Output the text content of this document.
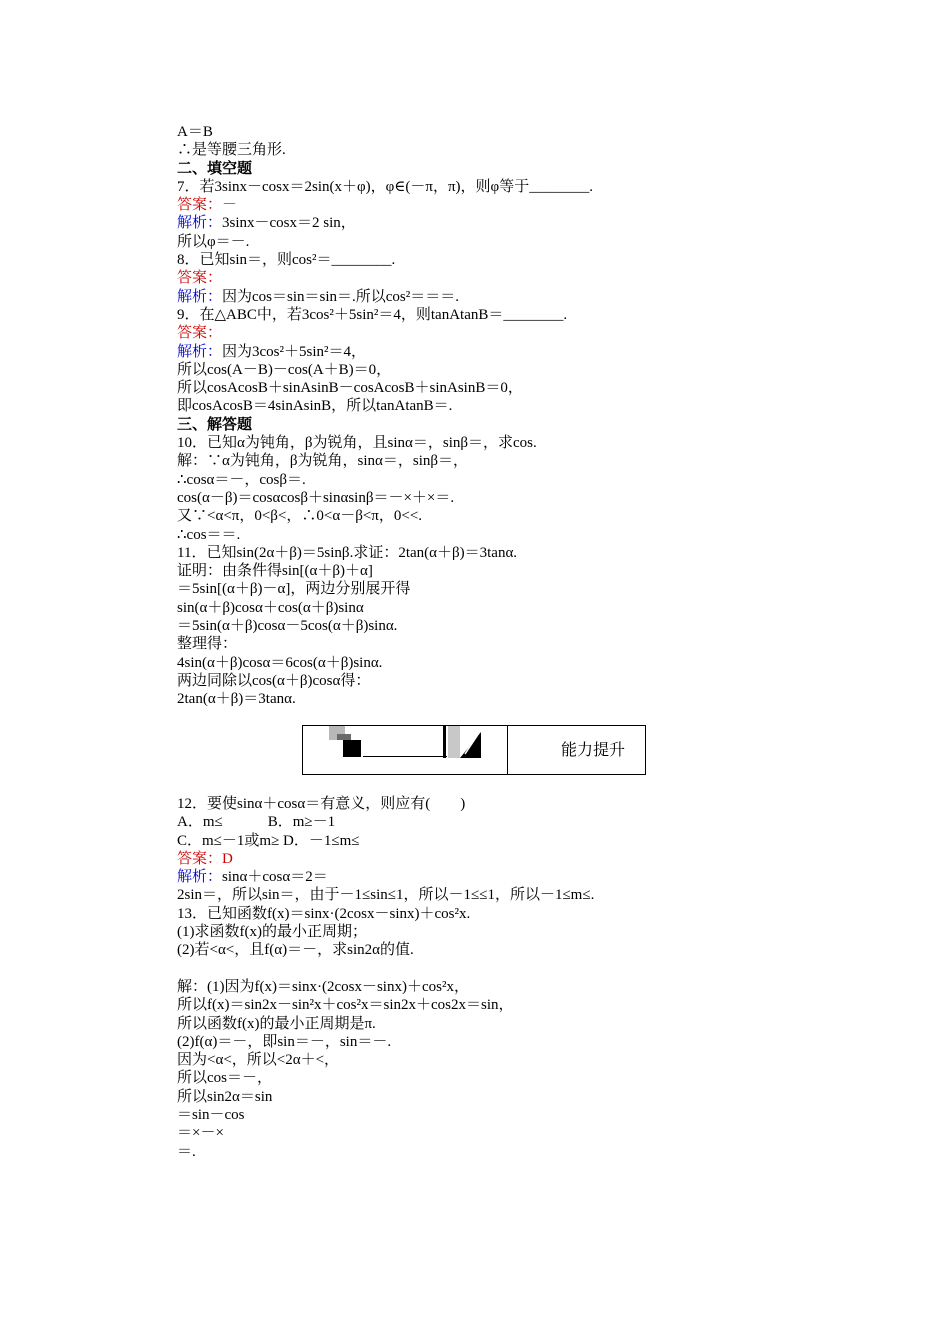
A＝B
∴是等腰三角形.
二、填空题
7．若3sinx－cosx＝2sin(x＋φ)，φ∈(－π，π)，则φ等于________.
答案：－
解析：3sinx－cosx＝2 sin，
所以φ＝－.
8．已知sin＝，则cos²＝________.
答案：
解析：因为cos＝sin＝sin＝.所以cos²＝＝＝.
9．在△ABC中，若3cos²＋5sin²＝4，则tanAtanB＝________.
答案：
解析：因为3cos²＋5sin²＝4，
所以cos(A－B)－cos(A＋B)＝0，
所以cosAcosB＋sinAsinB－cosAcosB＋sinAsinB＝0，
即cosAcosB＝4sinAsinB，所以tanAtanB＝.
三、解答题
10．已知α为钝角，β为锐角，且sinα＝，sinβ＝，求cos.
解：∵α为钝角，β为锐角，sinα＝，sinβ＝，
∴cosα＝－，cosβ＝.
cos(α－β)＝cosαcosβ＋sinαsinβ＝－×＋×＝.
又∵<α<π，0<β<，∴0<α－β<π，0<<.
∴cos＝＝.
11．已知sin(2α＋β)＝5sinβ.求证：2tan(α＋β)＝3tanα.
证明：由条件得sin[(α＋β)＋α]
＝5sin[(α＋β)－α]，两边分别展开得
sin(α＋β)cosα＋cos(α＋β)sinα
＝5sin(α＋β)cosα－5cos(α＋β)sinα.
整理得：
4sin(α＋β)cosα＝6cos(α＋β)sinα.
两边同除以cos(α＋β)cosα得：
2tan(α＋β)＝3tanα.
能力提升
12．要使sinα＋cosα＝有意义，则应有(　　)
A．m≤　　　B．m≥－1
C．m≤－1或m≥ D．－1≤m≤
答案：D
解析：sinα＋cosα＝2＝
2sin＝，所以sin＝，由于－1≤sin≤1，所以－1≤≤1，所以－1≤m≤.
13．已知函数f(x)＝sinx·(2cosx－sinx)＋cos²x.
(1)求函数f(x)的最小正周期；
(2)若<α<，且f(α)＝－，求sin2α的值.
解：(1)因为f(x)＝sinx·(2cosx－sinx)＋cos²x，
所以f(x)＝sin2x－sin²x＋cos²x＝sin2x＋cos2x＝sin，
所以函数f(x)的最小正周期是π.
(2)f(α)＝－，即sin＝－，sin＝－.
因为<α<，所以<2α＋<，
所以cos＝－，
所以sin2α＝sin
＝sin－cos
＝×－×
＝.
